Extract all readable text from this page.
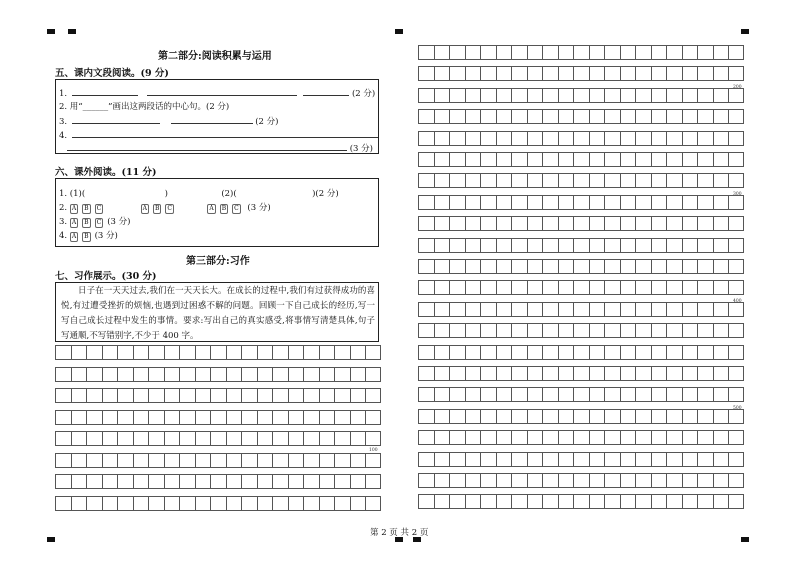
第二部分:阅读积累与运用
五、课内文段阅读。(9 分)
1.	(2 分)
2. 用“______”画出这两段话的中心句。(2 分)
3.	(2 分)
4.
(3 分)
六、课外阅读。(11 分)
1. (1)(	)	(2)(	)(2 分)
2. A B C	A B C	A B C (3 分)
3. A B C (3 分)
4. A B (3 分)
第三部分:习作
七、习作展示。(30 分)
日子在一天天过去,我们在一天天长大。在成长的过程中,我们有过获得成功的喜悦,有过遭受挫折的烦恼,也遇到过困惑不解的问题。回顾一下自己成长的经历,写一写自己成长过程中发生的事情。要求:写出自己的真实感受,将事情写清楚具体,句子写通顺,不写错别字,不少于 400 字。
100
200
300
400
500
第 2 页 共 2 页
